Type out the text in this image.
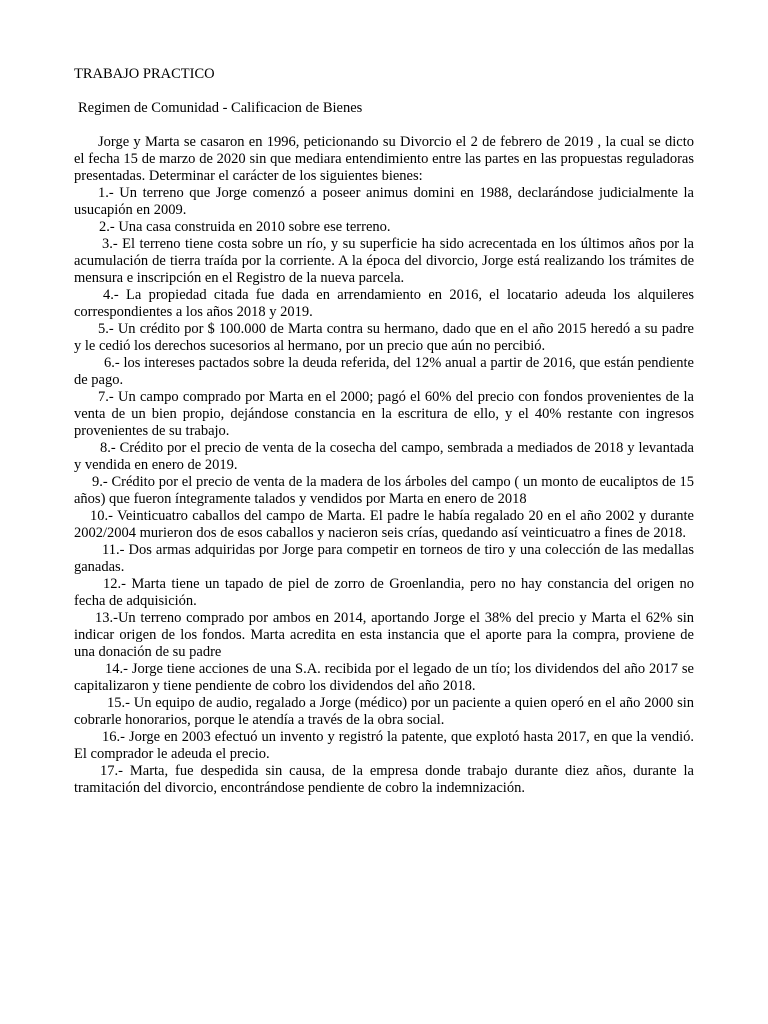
TRABAJO PRACTICO
Regimen de Comunidad - Calificacion de Bienes

Jorge y Marta se casaron en 1996, peticionando su Divorcio el 2 de febrero de 2019 , la cual se dicto el fecha 15 de marzo de 2020 sin que mediara entendimiento entre las partes en las propuestas reguladoras presentadas. Determinar el carácter de los siguientes bienes:

1.- Un terreno que Jorge comenzó a poseer animus domini en 1988, declarándose judicialmente la usucapión en 2009.

2.- Una casa construida en 2010 sobre ese terreno.

3.- El terreno tiene costa sobre un río, y su superficie ha sido acrecentada en los últimos años por la acumulación de tierra traída por la corriente. A la época del divorcio, Jorge está realizando los trámites de mensura e inscripción en el Registro de la nueva parcela.

4.- La propiedad citada fue dada en arrendamiento en 2016, el locatario adeuda los alquileres correspondientes a los años 2018 y 2019.

5.- Un crédito por $ 100.000 de Marta contra su hermano, dado que en el año 2015 heredó a su padre y le cedió los derechos sucesorios al hermano, por un precio que aún no percibió.

6.- los intereses pactados sobre la deuda referida, del 12% anual a partir de 2016, que están pendiente de pago.

7.- Un campo comprado por Marta en el 2000; pagó el 60% del precio con fondos provenientes de la venta de un bien propio, dejándose constancia en la escritura de ello, y el 40% restante con ingresos provenientes de su trabajo.

8.- Crédito por el precio de venta de la cosecha del campo, sembrada a mediados de 2018 y levantada y vendida en enero de 2019.

9.- Crédito por el precio de venta de la madera de los árboles del campo ( un monto de eucaliptos de 15 años) que fueron íntegramente talados y vendidos por Marta en enero de 2018

10.- Veinticuatro caballos del campo de Marta. El padre le había regalado 20 en el año 2002 y durante 2002/2004 murieron dos de esos caballos y nacieron seis crías, quedando así veinticuatro a fines de 2018.

11.- Dos armas adquiridas por Jorge para competir en torneos de tiro y una colección de las medallas ganadas.

12.- Marta tiene un tapado de piel de zorro de Groenlandia, pero no hay constancia del origen no fecha de adquisición.

13.-Un terreno comprado por ambos en 2014, aportando Jorge el 38% del precio y Marta el 62% sin indicar origen de los fondos. Marta acredita en esta instancia que el aporte para la compra, proviene de una donación de su padre

14.- Jorge tiene acciones de una S.A. recibida por el legado de un tío; los dividendos del año 2017 se capitalizaron y tiene pendiente de cobro los dividendos del año 2018.

15.- Un equipo de audio, regalado a Jorge (médico) por un paciente a quien operó en el año 2000 sin cobrarle honorarios, porque le atendía a través de la obra social.

16.- Jorge en 2003 efectuó un invento y registró la patente, que explotó hasta 2017, en que la vendió. El comprador le adeuda el precio.

17.- Marta, fue despedida sin causa, de la empresa donde trabajo durante diez años, durante la tramitación del divorcio, encontrándose pendiente de cobro la indemnización.
